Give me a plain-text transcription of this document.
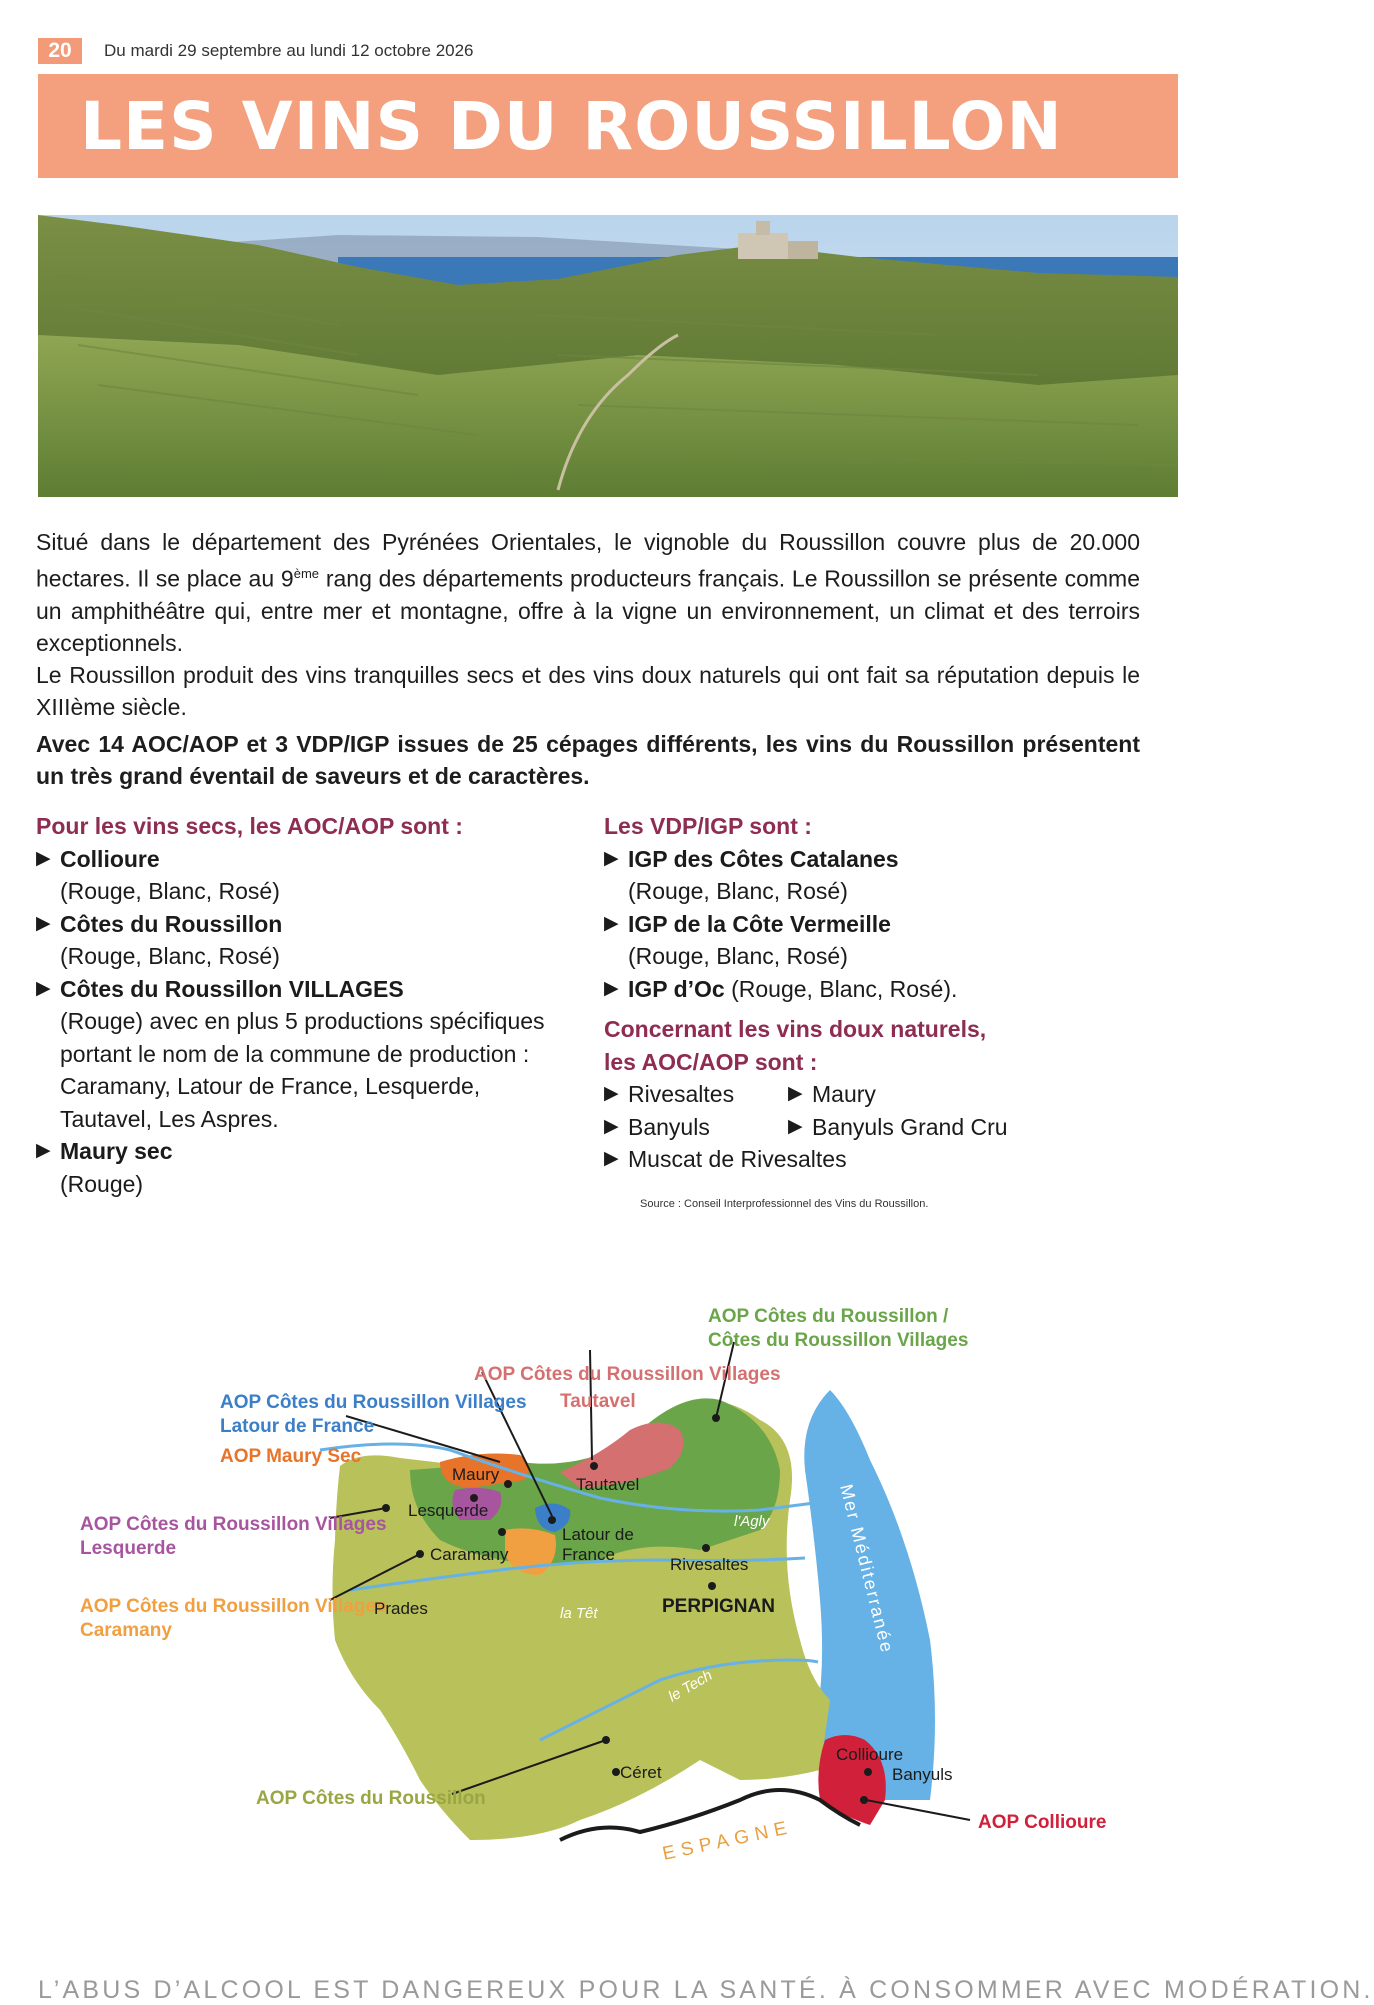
20	Du mardi 29 septembre au lundi 12 octobre 2026
LES VINS DU ROUSSILLON

Situé dans le département des Pyrénées Orientales, le vignoble du Roussillon couvre plus de 20.000 hectares. Il se place au 9ème rang des départements producteurs français. Le Roussillon se présente comme un amphithéâtre qui, entre mer et montagne, offre à la vigne un environnement, un climat et des terroirs exceptionnels.

Le Roussillon produit des vins tranquilles secs et des vins doux naturels qui ont fait sa réputation depuis le XIIIème siècle.

Avec 14 AOC/AOP et 3 VDP/IGP issues de 25 cépages différents, les vins du Roussillon présentent un très grand éventail de saveurs et de caractères.
Pour les vins secs, les AOC/AOP sont :
▶ Collioure
(Rouge, Blanc, Rosé)
▶ Côtes du Roussillon
(Rouge, Blanc, Rosé)
▶ Côtes du Roussillon VILLAGES
(Rouge) avec en plus 5 productions spécifiques portant le nom de la commune de production : Caramany, Latour de France, Lesquerde, Tautavel, Les Aspres.
▶ Maury sec
(Rouge)
Les VDP/IGP sont :
▶ IGP des Côtes Catalanes
(Rouge, Blanc, Rosé)
▶ IGP de la Côte Vermeille
(Rouge, Blanc, Rosé)
▶ IGP d’Oc (Rouge, Blanc, Rosé).
Concernant les vins doux naturels,
les AOC/AOP sont :
▶ Rivesaltes	▶ Maury
▶ Banyuls	▶ Banyuls Grand Cru
▶ Muscat de Rivesaltes
Source : Conseil Interprofessionnel des Vins du Roussillon.
AOP Côtes du Roussillon /
Côtes du Roussillon Villages
AOP Côtes du Roussillon Villages
Tautavel
AOP Côtes du Roussillon Villages
Latour de France
AOP Maury Sec
AOP Côtes du Roussillon Villages
Lesquerde
AOP Côtes du Roussillon Villages
Caramany
AOP Côtes du Roussillon
AOP Collioure
Maury
Tautavel
Lesquerde
Latour de
France
Caramany
Rivesaltes
PERPIGNAN
Prades
Céret
Collioure
Banyuls
l'Agly
la Têt
le Tech
Mer Méditerranée
ESPAGNE
L’ABUS D’ALCOOL EST DANGEREUX POUR LA SANTÉ. À CONSOMMER AVEC MODÉRATION.
